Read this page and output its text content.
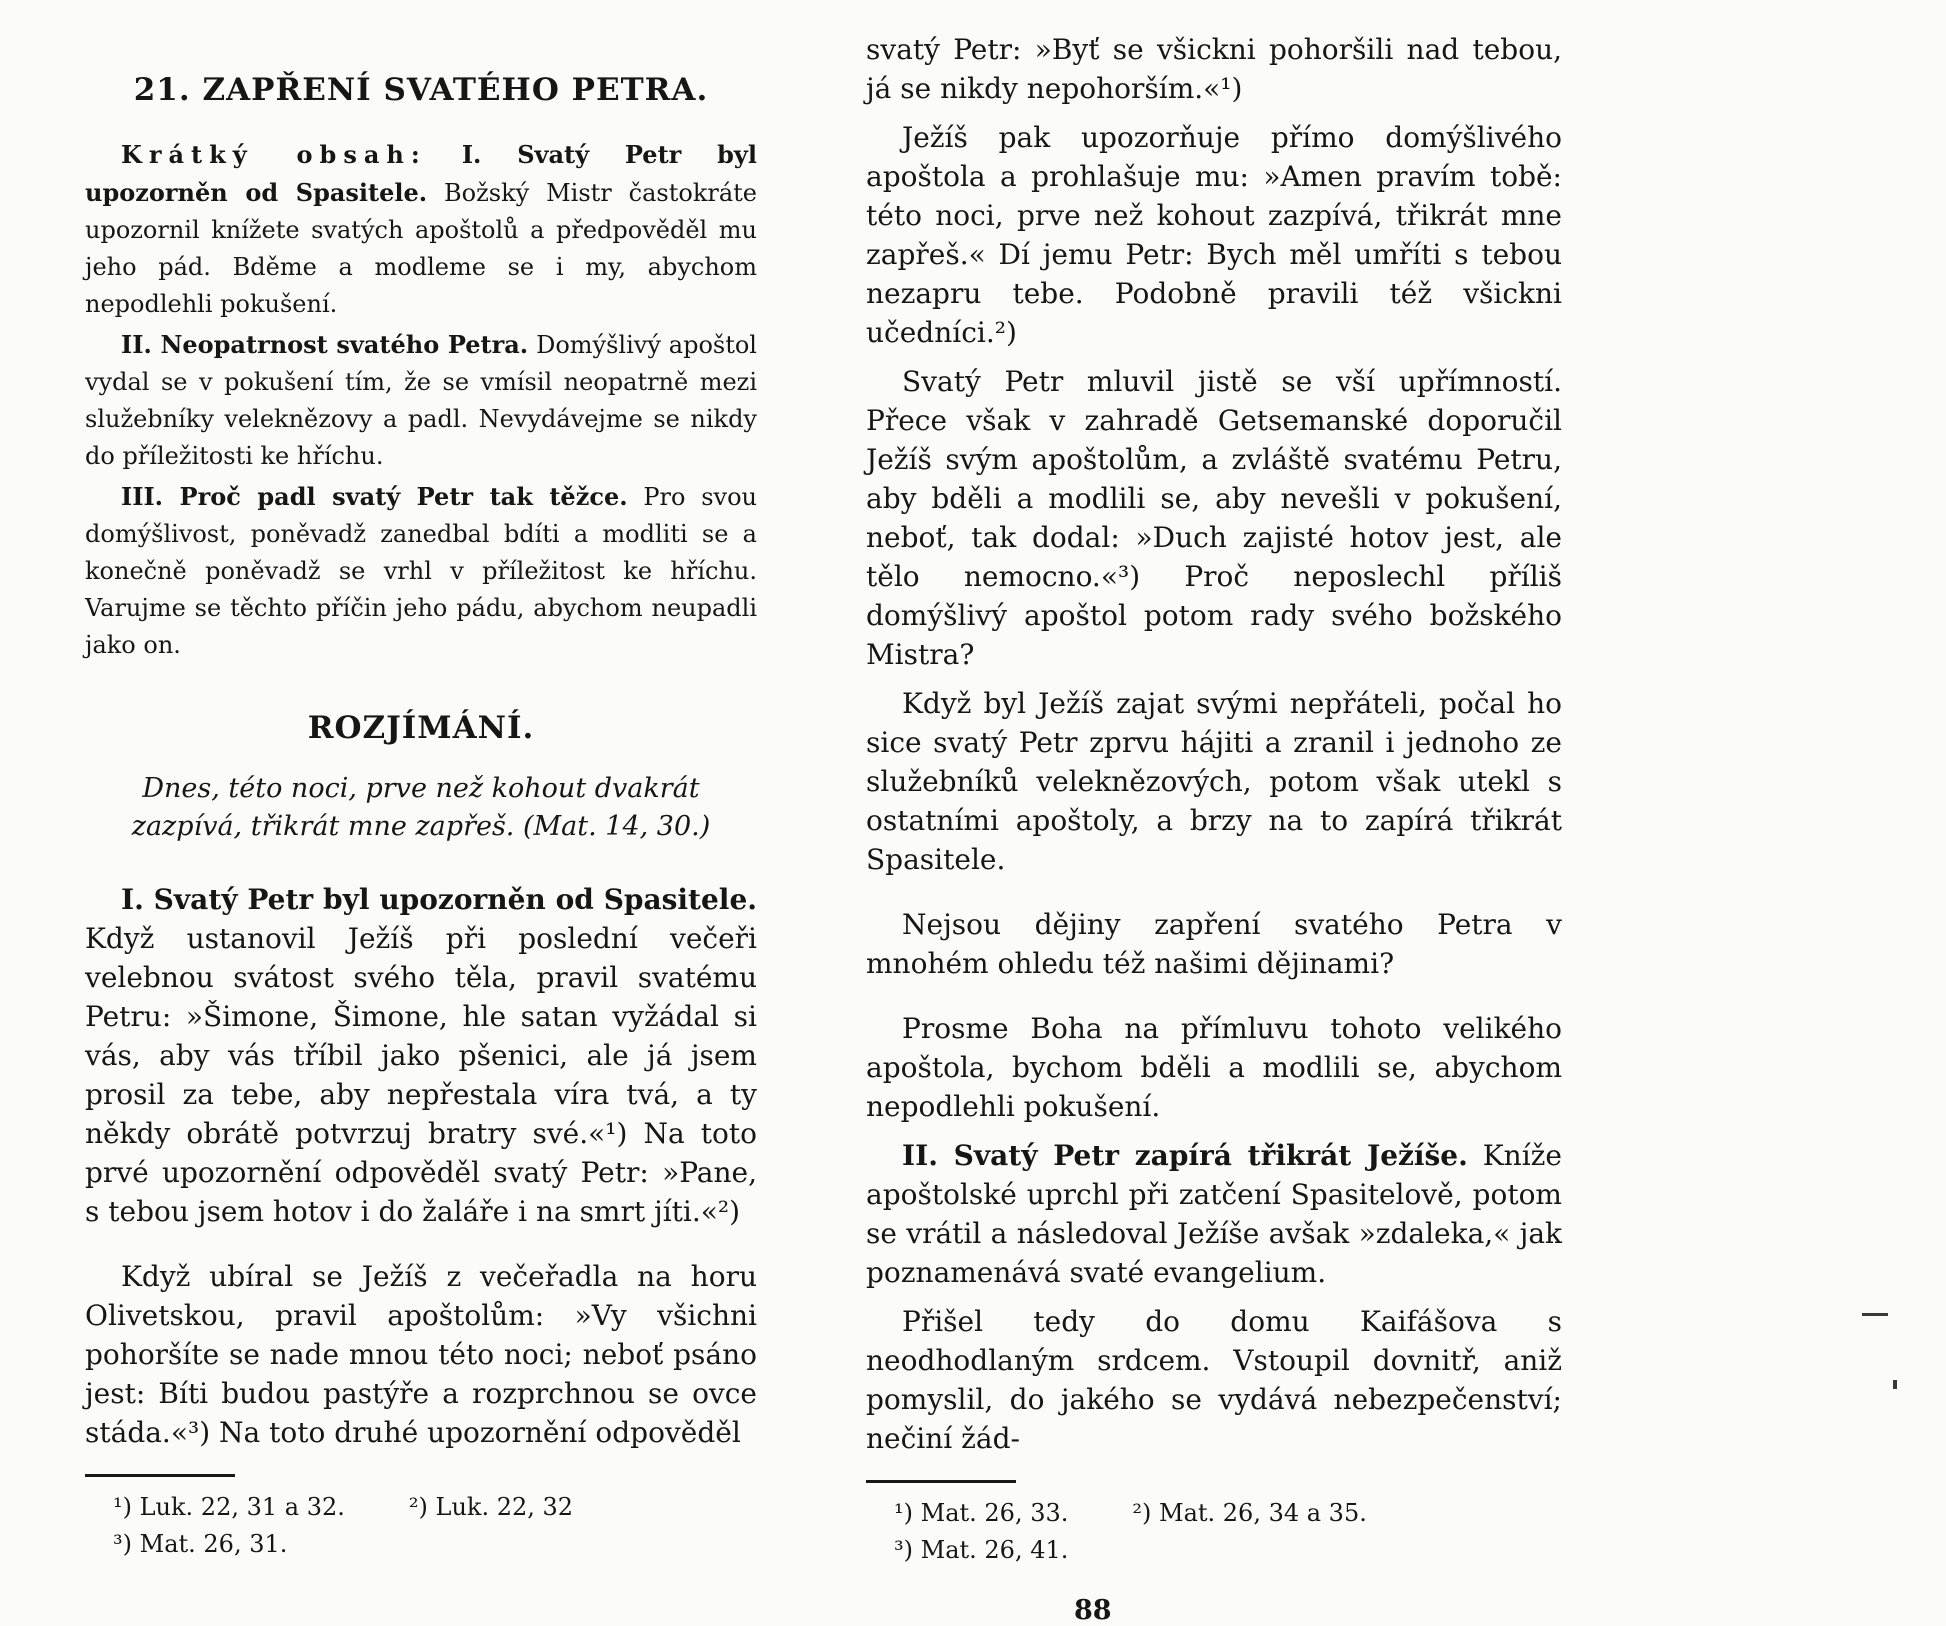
21. ZAPŘENÍ SVATÉHO PETRA.

Krátký obsah: I. Svatý Petr byl upozorněn od Spasitele. Božský Mistr častokráte upozornil knížete svatých apoštolů a předpověděl mu jeho pád. Bděme a modleme se i my, abychom nepodlehli pokušení.

II. Neopatrnost svatého Petra. Domýšlivý apoštol vydal se v pokušení tím, že se vmísil neopatrně mezi služebníky veleknězovy a padl. Nevydávejme se nikdy do příležitosti ke hříchu.

III. Proč padl svatý Petr tak těžce. Pro svou domýšlivost, poněvadž zanedbal bdíti a modliti se a konečně poněvadž se vrhl v příležitost ke hříchu. Varujme se těchto příčin jeho pádu, abychom neupadli jako on.

ROZJÍMÁNÍ.

Dnes, této noci, prve než kohout dvakrát zazpívá, třikrát mne zapřeš. (Mat. 14, 30.)

I. Svatý Petr byl upozorněn od Spasitele. Když ustanovil Ježíš při poslední večeři velebnou svátost svého těla, pravil svatému Petru: »Šimone, Šimone, hle satan vyžádal si vás, aby vás tříbil jako pšenici, ale já jsem prosil za tebe, aby nepřestala víra tvá, a ty někdy obrátě potvrzuj bratry své.«¹) Na toto prvé upozornění odpověděl svatý Petr: »Pane, s tebou jsem hotov i do žaláře i na smrt jíti.«²)

Když ubíral se Ježíš z večeřadla na horu Olivetskou, pravil apoštolům: »Vy všichni pohoršíte se nade mnou této noci; neboť psáno jest: Bíti budou pastýře a rozprchnou se ovce stáda.«³) Na toto druhé upozornění odpověděl

¹) Luk. 22, 31 a 32.	²) Luk. 22, 32
³) Mat. 26, 31.

svatý Petr: »Byť se všickni pohoršili nad tebou, já se nikdy nepohorším.«¹)

Ježíš pak upozorňuje přímo domýšlivého apoštola a prohlašuje mu: »Amen pravím tobě: této noci, prve než kohout zazpívá, třikrát mne zapřeš.« Dí jemu Petr: Bych měl umříti s tebou nezapru tebe. Podobně pravili též všickni učedníci.²)

Svatý Petr mluvil jistě se vší upřímností. Přece však v zahradě Getsemanské doporučil Ježíš svým apoštolům, a zvláště svatému Petru, aby bděli a modlili se, aby nevešli v pokušení, neboť, tak dodal: »Duch zajisté hotov jest, ale tělo nemocno.«³) Proč neposlechl příliš domýšlivý apoštol potom rady svého božského Mistra?

Když byl Ježíš zajat svými nepřáteli, počal ho sice svatý Petr zprvu hájiti a zranil i jednoho ze služebníků veleknězových, potom však utekl s ostatními apoštoly, a brzy na to zapírá třikrát Spasitele.

Nejsou dějiny zapření svatého Petra v mnohém ohledu též našimi dějinami?

Prosme Boha na přímluvu tohoto velikého apoštola, bychom bděli a modlili se, abychom nepodlehli pokušení.

II. Svatý Petr zapírá třikrát Ježíše. Kníže apoštolské uprchl při zatčení Spasitelově, potom se vrátil a následoval Ježíše avšak »zdaleka,« jak poznamenává svaté evangelium.

Přišel tedy do domu Kaifášova s neodhodlaným srdcem. Vstoupil dovnitř, aniž pomyslil, do jakého se vydává nebezpečenství; nečiní žád-

¹) Mat. 26, 33.	²) Mat. 26, 34 a 35.
³) Mat. 26, 41.
88
